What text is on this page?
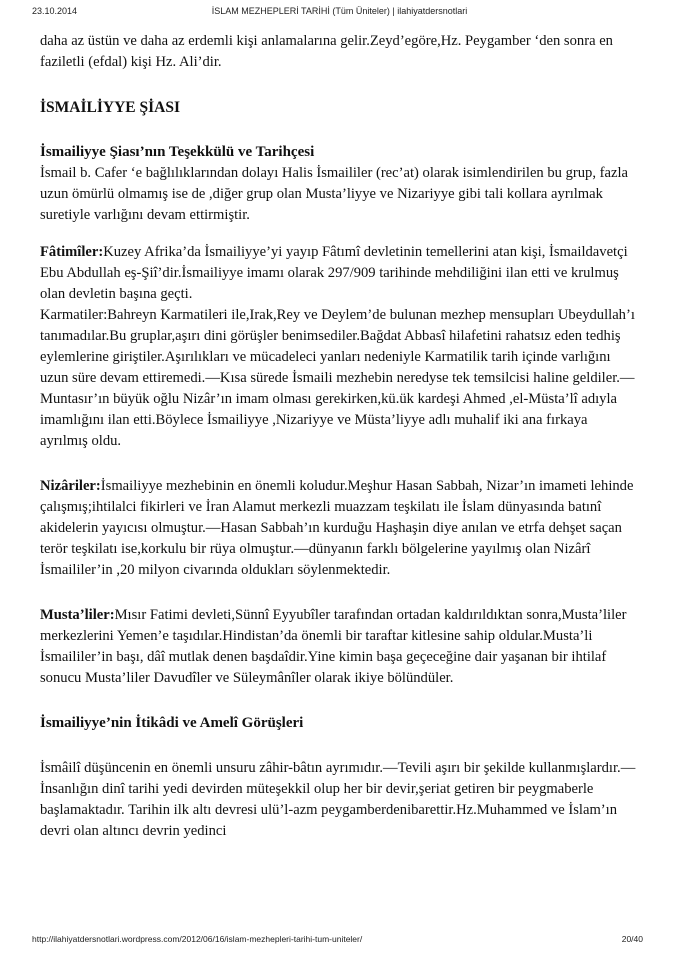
23.10.2014	İSLAM MEZHEPLERİ TARİHİ (Tüm Üniteler) | ilahiyatdersnotlari

daha az üstün ve daha az erdemli kişi anlamalarına gelir.Zeyd’egöre,Hz. Peygamber ‘den sonra en faziletli (efdal) kişi Hz. Ali’dir.

İSMAİLİYYE ŞİASI
İsmailiyye Şiası’nın Teşekkülü ve Tarihçesi

İsmail b. Cafer ‘e bağlılıklarından dolayı Halis İsmaililer (rec’at) olarak isimlendirilen bu grup, fazla uzun ömürlü olmamış ise de ,diğer grup olan Musta’liyye ve Nizariyye gibi tali kollara ayrılmak suretiyle varlığını devam ettirmiştir.

Fâtimîler:Kuzey Afrika’da İsmailiyye’yi yayıp Fâtımî devletinin temellerini atan kişi, İsmaildavetçi Ebu Abdullah eş-Şiî’dir.İsmailiyye imamı olarak 297/909 tarihinde mehdiliğini ilan etti ve krulmuş olan devletin başına geçti.

Karmatiler:Bahreyn Karmatileri ile,Irak,Rey ve Deylem’de bulunan mezhep mensupları Ubeydullah’ı tanımadılar.Bu gruplar,aşırı dini görüşler benimsediler.Bağdat Abbasî hilafetini rahatsız eden tedhiş eylemlerine giriştiler.Aşırılıkları ve mücadeleci yanları nedeniyle Karmatilik tarih içinde varlığını uzun süre devam ettiremedi.—Kısa sürede İsmaili mezhebin neredyse tek temsilcisi haline geldiler.—Muntasır’ın büyük oğlu Nizâr’ın imam olması gerekirken,kü.ük kardeşi Ahmed ,el-Müsta’lî adıyla imamlığını ilan etti.Böylece İsmailiyye ,Nizariyye ve Müsta’liyye adlı muhalif iki ana fırkaya ayrılmış oldu.

Nizâriler:İsmailiyye mezhebinin en önemli koludur.Meşhur Hasan Sabbah, Nizar’ın imameti lehinde çalışmış;ihtilalci fikirleri ve İran Alamut merkezli muazzam teşkilatı ile İslam dünyasında batınî akidelerin yayıcısı olmuştur.—Hasan Sabbah’ın kurduğu Haşhaşin diye anılan ve etrfa dehşet saçan terör teşkilatı ise,korkulu bir rüya olmuştur.—dünyanın farklı bölgelerine yayılmış olan Nizârî İsmaililer’in ,20 milyon civarında oldukları söylenmektedir.

Musta’liler:Mısır Fatimi devleti,Sünnî Eyyubîler tarafından ortadan kaldırıldıktan sonra,Musta’liler merkezlerini Yemen’e taşıdılar.Hindistan’da önemli bir taraftar kitlesine sahip oldular.Musta’li İsmaililer’in başı, dâî mutlak denen başdaîdir.Yine kimin başa geçeceğine dair yaşanan bir ihtilaf sonucu Musta’liler Davudîler ve Süleymânîler olarak ikiye bölündüler.

İsmailiyye’nin İtikâdi ve Amelî Görüşleri

İsmâilî düşüncenin en önemli unsuru zâhir-bâtın ayrımıdır.—Tevili aşırı bir şekilde kullanmışlardır.—İnsanlığın dinî tarihi yedi devirden müteşekkil olup her bir devir,şeriat getiren bir peygmaberle başlamaktadır. Tarihin ilk altı devresi ulü’l-azm peygamberdenibarettir.Hz.Muhammed ve İslam’ın devri olan altıncı devrin yedinci

http://ilahiyatdersnotlari.wordpress.com/2012/06/16/islam-mezhepleri-tarihi-tum-uniteler/	20/40
